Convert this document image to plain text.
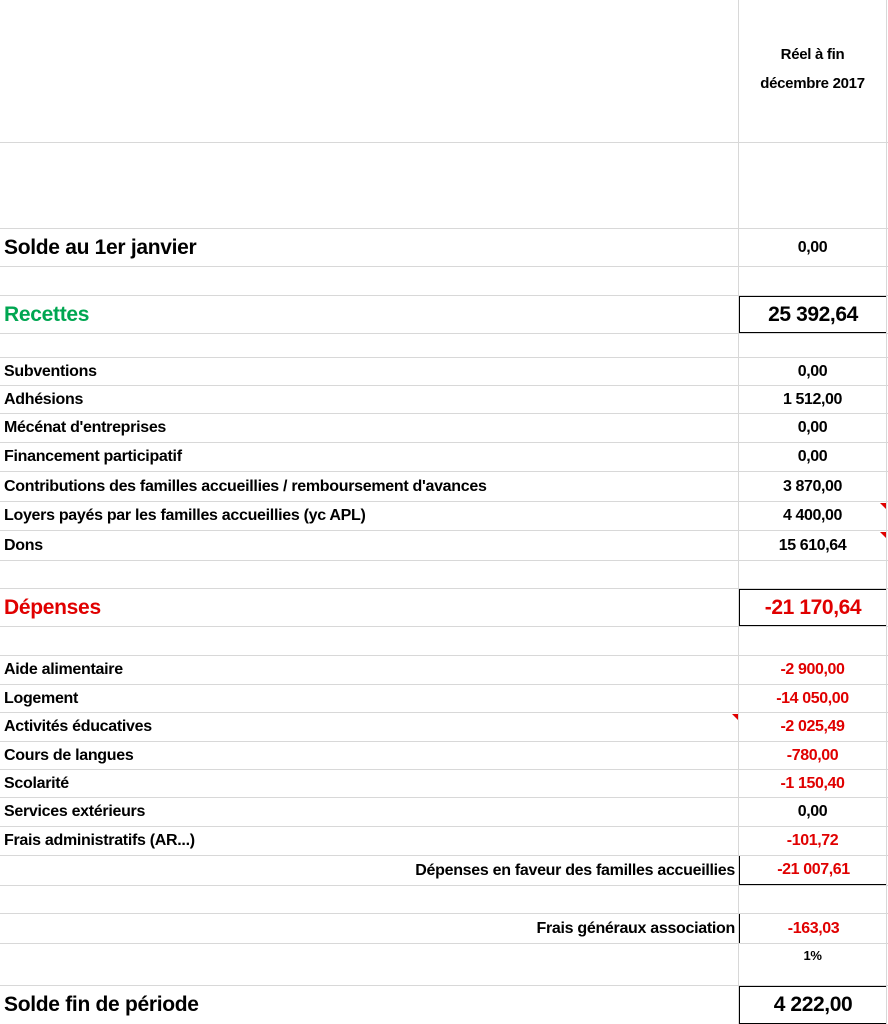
Réel à fin
décembre 2017
Solde au 1er janvier	0,00
Recettes	25 392,64
Subventions	0,00
Adhésions	1 512,00
Mécénat d'entreprises	0,00
Financement participatif	0,00
Contributions des familles accueillies / remboursement d'avances	3 870,00
Loyers payés par les familles accueillies (yc APL)	4 400,00
Dons	15 610,64
Dépenses	-21 170,64
Aide alimentaire	-2 900,00
Logement	-14 050,00
Activités éducatives	-2 025,49
Cours de langues	-780,00
Scolarité	-1 150,40
Services extérieurs	0,00
Frais administratifs (AR...)	-101,72
Dépenses en faveur des familles accueillies	-21 007,61
Frais généraux association	-163,03
1%
Solde fin de période	4 222,00
